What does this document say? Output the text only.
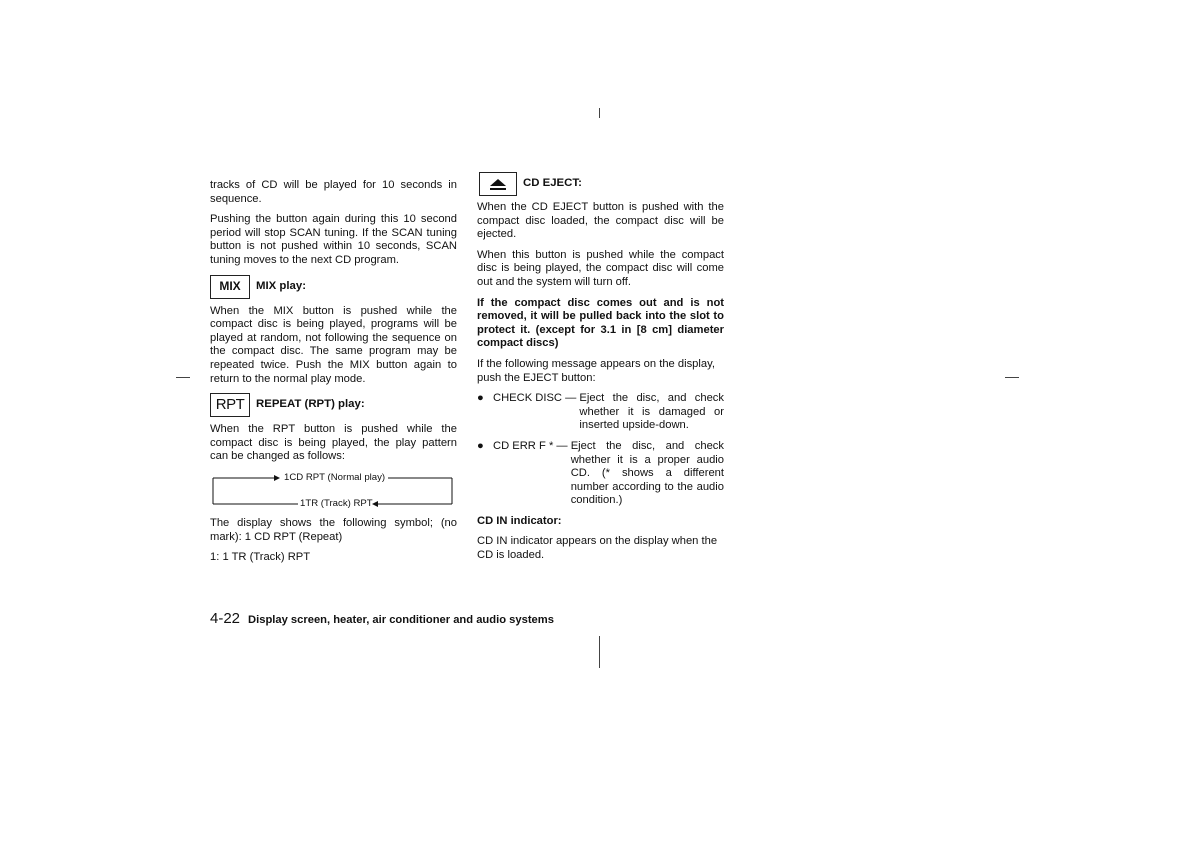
tracks of CD will be played for 10 seconds in sequence.

Pushing the button again during this 10 second period will stop SCAN tuning. If the SCAN tuning button is not pushed within 10 seconds, SCAN tuning moves to the next CD program.

MIX	MIX play:

When the MIX button is pushed while the compact disc is being played, programs will be played at random, not following the sequence on the compact disc. The same program may be repeated twice. Push the MIX button again to return to the normal play mode.

RPT	REPEAT (RPT) play:

When the RPT button is pushed while the compact disc is being played, the play pattern can be changed as follows:

1CD RPT (Normal play)
1TR (Track) RPT

The display shows the following symbol; (no mark): 1 CD RPT (Repeat)

1: 1 TR (Track) RPT

CD EJECT:

When the CD EJECT button is pushed with the compact disc loaded, the compact disc will be ejected.

When this button is pushed while the compact disc is being played, the compact disc will come out and the system will turn off.

If the compact disc comes out and is not removed, it will be pulled back into the slot to protect it. (except for 3.1 in [8 cm] diameter compact discs)

If the following message appears on the display, push the EJECT button:

● CHECK DISC — Eject the disc, and check whether it is damaged or inserted upside-down.
● CD ERR F * — Eject the disc, and check whether it is a proper audio CD. (* shows a different number according to the audio condition.)

CD IN indicator:

CD IN indicator appears on the display when the CD is loaded.

4-22 Display screen, heater, air conditioner and audio systems
